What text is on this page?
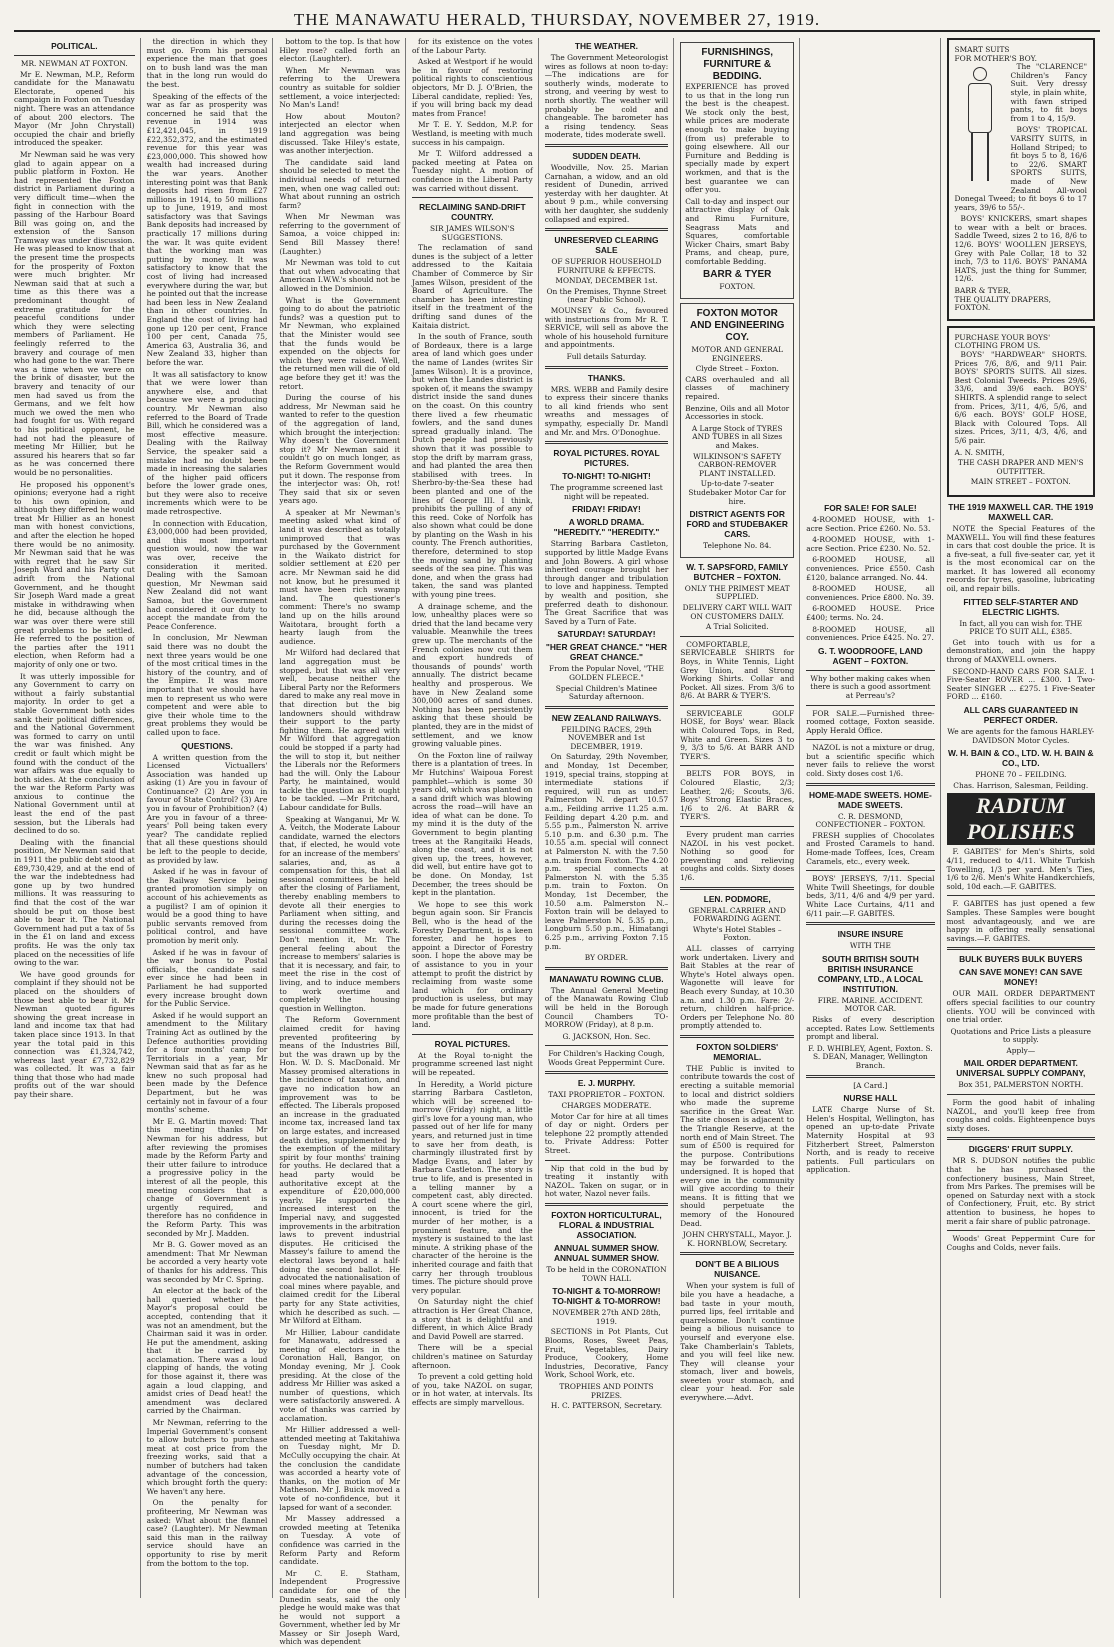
THE MANAWATU HERALD, THURSDAY, NOVEMBER 27, 1919.
POLITICAL.
MR. NEWMAN AT FOXTON.

Mr E. Newman, M.P., Reform candidate for the Manawatu Electorate, opened his campaign in Foxton on Tuesday night. There was an attendance of about 200 electors. The Mayor (Mr John Chrystall) occupied the chair and briefly introduced the speaker.

Mr Newman said he was very glad to again appear on a public platform in Foxton. He had represented the Foxton district in Parliament during a very difficult time—when the fight in connection with the passing of the Harbour Board Bill was going on, and the extension of the Sanson Tramway was under discussion. He was pleased to know that at the present time the prospects for the prosperity of Foxton were much brighter. Mr Newman said that at such a time as this there was a predominant thought of extreme gratitude for the peaceful conditions under which they were selecting members of Parliament. He feelingly referred to the bravery and courage of men who had gone to the war. There was a time when we were on the brink of disaster, but the bravery and tenacity of our men had saved us from the Germans, and we felt how much we owed the men who had fought for us. With regard to his political opponent, he had not had the pleasure of meeting Mr Hillier, but he assured his hearers that so far as he was concerned there would be no personalities.

He proposed his opponent's opinions; everyone had a right to his own opinion, and although they differed he would treat Mr Hillier as an honest man with honest convictions, and after the election he hoped there would be no animosity. Mr Newman said that he was with regret that he saw Sir Joseph Ward and his Party cut adrift from the National Government, and he thought Sir Joseph Ward made a great mistake in withdrawing when he did, because although the war was over there were still great problems to be settled. He referred to the position of the parties after the 1911 election, when Reform had a majority of only one or two.

It was utterly impossible for any Government to carry on without a fairly substantial majority. In order to get a stable Government both sides sank their political differences, and the National Government was formed to carry on until the war was finished. Any credit or fault which might be found with the conduct of the war affairs was due equally to both sides. At the conclusion of the war the Reform Party was anxious to continue the National Government until at least the end of the past session, but the Liberals had declined to do so.

Dealing with the financial position, Mr Newman said that in 1911 the public debt stood at £89,730,429, and at the end of the war the indebtedness had gone up by two hundred millions. It was reassuring to find that the cost of the war should be put on those best able to bear it. The National Government had put a tax of 5s in the £1 on land and excess profits. He was the only tax placed on the necessities of life owing to the war.

We have good grounds for complaint if they should not be placed on the shoulders of those best able to bear it. Mr Newman quoted figures showing the great increase in land and income tax that had taken place since 1913. In that year the total paid in this connection was £1,324,742, whereas last year £7,732,829 was collected. It was a fair thing that those who had made profits out of the war should pay their share.

the direction in which they must go. From his personal experience the man that goes on to bush land was the man that in the long run would do the best.

Speaking of the effects of the war as far as prosperity was concerned he said that the revenue in 1914 was £12,421,045, in 1919 £22,352,372, and the estimated revenue for this year was £23,000,000. This showed how wealth had increased during the war years. Another interesting point was that Bank deposits had risen from £27 millions in 1914, to 50 millions up to June, 1919, and most satisfactory was that Savings Bank deposits had increased by practically 17 millions during the war. It was quite evident that the working man was putting by money. It was satisfactory to know that the cost of living had increased everywhere during the war, but he pointed out that the increase had been less in New Zealand than in other countries. In England the cost of living had gone up 120 per cent, France 100 per cent, Canada 75, America 63, Australia 36, and New Zealand 33, higher than before the war.

It was all satisfactory to know that we were lower than anywhere else, and that because we were a producing country. Mr Newman also referred to the Board of Trade Bill, which he considered was a most effective measure. Dealing with the Railway Service, the speaker said a mistake had no doubt been made in increasing the salaries of the higher paid officers before the lower grade ones, but they were also to receive increments which were to be made retrospective.

In connection with Education, £3,000,000 had been provided, and this most important question would, now the war was over, receive the consideration it merited. Dealing with the Samoan question, Mr Newman said New Zealand did not want Samoa, but the Government had considered it our duty to accept the mandate from the Peace Conference.

In conclusion, Mr Newman said there was no doubt the next three years would be one of the most critical times in the history of the country, and of the Empire. It was more important that we should have men to represent us who were competent and were able to give their whole time to the great problems they would be called upon to face.

QUESTIONS.

A written question from the Licensed Victuallers' Association was handed up asking (1) Are you in favour of Continuance? (2) Are you in favour of State Control? (3) Are you in favour of Prohibition? (4) Are you in favour of a three-years' Poll being taken every year? The candidate replied that all these questions should be left to the people to decide, as provided by law.

Asked if he was in favour of the Railway Service being granted promotion simply on account of his achievements as a pugilist? I am of opinion it would be a good thing to have public servants removed from political control, and have promotion by merit only.

Asked if he was in favour of the war bonus to Postal officials, the candidate said ever since he had been in Parliament he had supported every increase brought down for the Public Service.

Asked if he would support an amendment to the Military Training Act as outlined by the Defence authorities providing for a four months' camp for Territorials in a year, Mr Newman said that as far as he knew no such proposal had been made by the Defence Department, but he was certainly not in favour of a four months' scheme.

Mr E. G. Martin moved: That this meeting thanks Mr Newman for his address, but after reviewing the promises made by the Reform Party and their utter failure to introduce a progressive policy in the interest of all the people, this meeting considers that a change of Government is urgently required, and therefore has no confidence in the Reform Party. This was seconded by Mr J. Madden.

Mr B. G. Gower moved as an amendment: That Mr Newman be accorded a very hearty vote of thanks for his address. This was seconded by Mr C. Spring.

An elector at the back of the hall queried whether the Mayor's proposal could be accepted, contending that it was not an amendment, but the Chairman said it was in order. He put the amendment, asking that it be carried by acclamation. There was a loud clapping of hands, the voting for those against it, there was again a loud clapping, and amidst cries of Dead heat! the amendment was declared carried by the Chairman.

Mr Newman, referring to the Imperial Government's consent to allow butchers to purchase meat at cost price from the freezing works, said that a number of butchers had taken advantage of the concession, which brought forth the query: We haven't any here.

On the penalty for profiteering, Mr Newman was asked: What about the flannel case? (Laughter). Mr Newman said this man in the railway service should have an opportunity to rise by merit from the bottom to the top.

bottom to the top. Is that how Hiley rose? called forth an elector. (Laughter).

When Mr Newman was referring to the Urewera country as suitable for soldier settlement, a voice interjected: No Man's Land!

How about Mouton? interjected an elector when land aggregation was being discussed. Take Hiley's estate, was another interjection.

The candidate said land should be selected to meet the individual needs of returned men, when one wag called out: What about running an ostrich farm?

When Mr Newman was referring to the government of Samoa, a voice chipped in: Send Bill Massey there! (Laughter.)

Mr Newman was told to cut that out when advocating that American I.W.W.'s should not be allowed in the Dominion.

What is the Government going to do about the patriotic funds? was a question put to Mr Newman, who explained that the Minister would see that the funds would be expended on the objects for which they were raised. Well, the returned men will die of old age before they get it! was the retort.

During the course of his address, Mr Newman said he wanted to refer to the question of the aggregation of land, which brought the interjection: Why doesn't the Government stop it? Mr Newman said it couldn't go on much longer, as the Reform Government would put it down. The response from the interjector was: Oh, rot! They said that six or seven years ago.

A speaker at Mr Newman's meeting asked what kind of land it was described as totally unimproved that was purchased by the Government in the Waikato district for soldier settlement at £20 per acre. Mr Newman said he did not know, but he presumed it must have been rich swamp land. The questioner's comment: There's no swamp land up on the hills around Waitotara, brought forth a hearty laugh from the audience.

Mr Wilford had declared that land aggregation must be stopped, but that was all very well, because neither the Liberal Party nor the Reformers dared to make any real move in that direction but the big landowners should withdraw their support to the party fighting them. He agreed with Mr Wilford that aggregation could be stopped if a party had the will to stop it, but neither the Liberals nor the Reformers had the will. Only the Labour Party, he maintained, would tackle the question as it ought to be tackled. —Mr Pritchard, Labour candidate for Bulls.

Speaking at Wanganui, Mr W. A. Veitch, the Moderate Labour candidate, warned the electors that, if elected, he would vote for an increase of the members' salaries, and, as a compensation for this, that all sessional committees be held after the closing of Parliament, thereby enabling members to devote all their energies to Parliament when sitting, and during the recesses doing the sessional committee work. Don't mention it, Mr. The general feeling about the increase to members' salaries is that it is necessary, and fair, to meet the rise in the cost of living, and to induce members to work overtime and completely the housing question in Wellington.

The Reform Government claimed credit for having prevented profiteering by means of the Industries Bill, but the was drawn up by the Hon. W. D. S. MacDonald. Mr Massey promised alterations in the incidence of taxation, and gave no indication how an improvement was to be effected. The Liberals proposed an increase in the graduated income tax, increased land tax on large estates, and increased death duties, supplemented by the exemption of the military spirit by four months' training for youths. He declared that a head party would be authoritative except at the expenditure of £20,000,000 yearly. He supported the increased interest on the Imperial navy, and suggested improvements in the arbitration laws to prevent industrial disputes. He criticised the Massey's failure to amend the electoral laws beyond a half-doing the second ballot. He advocated the nationalisation of coal mines where payable, and claimed credit for the Liberal party for any State activities, which he described as such. —Mr Wilford at Eltham.

Mr Hillier, Labour candidate for Manawatu, addressed a meeting of electors in the Coronation Hall, Bangor, on Monday evening, Mr J. Cook presiding. At the close of the address Mr Hillier was asked a number of questions, which were satisfactorily answered. A vote of thanks was carried by acclamation.

Mr Hillier addressed a well-attended meeting at Takitahiwa on Tuesday night, Mr D. McCully occupying the chair. At the conclusion the candidate was accorded a hearty vote of thanks, on the motion of Mr Matheson. Mr J. Buick moved a vote of no-confidence, but it lapsed for want of a seconder.

Mr Massey addressed a crowded meeting at Tetenika on Tuesday. A vote of confidence was carried in the Reform Party and Reform candidate.

Mr C. E. Statham, Independent Progressive candidate for one of the Dunedin seats, said the only pledge he would make was that he would not support a Government, whether led by Mr Massey or Sir Joseph Ward, which was dependent

for its existence on the votes of the Labour Party.

Asked at Westport if he would be in favour of restoring political rights to conscientious objectors, Mr D. J. O'Brien, the Liberal candidate, replied: Yes, if you will bring back my dead mates from France!

Mr T. E. Y. Seddon, M.P. for Westland, is meeting with much success in his campaign.

Mr T. Wilford addressed a packed meeting at Patea on Tuesday night. A motion of confidence in the Liberal Party was carried without dissent.

RECLAIMING SAND-DRIFT COUNTRY.
SIR JAMES WILSON'S SUGGESTIONS.

The reclamation of sand dunes is the subject of a letter addressed to the Kaitaia Chamber of Commerce by Sir James Wilson, president of the Board of Agriculture. The chamber has been interesting itself in the treatment of the drifting sand dunes of the Kaitaia district.

In the south of France, south of Bordeaux, there is a large area of land which goes under the name of Landes (writes Sir James Wilson). It is a province, but when the Landes district is spoken of, it means the swampy district inside the sand dunes on the coast. On this country there lived a few rheumatic fowlers, and the sand dunes spread gradually inland. The Dutch people had previously shown that it was possible to stop the drift by marram grass, and had planted the area then stabilised with trees. In Sherbro-by-the-Sea these had been planted and one of the lines of George III. I think, prohibits the pulling of any of this reed. Coke of Norfolk has also shown what could be done by planting on the Wash in his county. The French authorities, therefore, determined to stop the moving sand by planting seeds of the sea pine. This was done, and when the grass had taken, the sand was planted with young pine trees.

A drainage scheme, and the low, unhealthy places were so dried that the land became very valuable. Meanwhile the trees grew up. The merchants of the French colonies now cut them and export hundreds of thousands of pounds' worth annually. The district became healthy and prosperous. We have in New Zealand some 300,000 acres of sand dunes. Nothing has been persistently asking that these should be planted, they are in the midst of settlement, and we know growing valuable pines.

On the Foxton line of railway there is a plantation of trees. In Mr Hutchins' Waipoua Forest pamphlet—which is some 30 years old, which was planted on a sand drift which was blowing across the road—will have an idea of what can be done. To my mind it is the duty of the Government to begin planting trees at the Rangitaiki Heads, along the coast, and it is not given up, the trees, however, did well, but entire have got to be done. On Monday, 1st December, the trees should be kept in the plantation.

We hope to see this work begun again soon. Sir Francis Bell, who is the head of the Forestry Department, is a keen forester, and he hopes to appoint a Director of Forestry soon. I hope the above may be of assistance to you in your attempt to profit the district by reclaiming from waste some land which for ordinary production is useless, but may be made for future generations more profitable than the best of land.

ROYAL PICTURES.

At the Royal to-night the programme screened last night will be repeated.

In Heredity, a World picture starring Barbara Castleton, which will be screened to-morrow (Friday) night, a little girl's love for a young man, who passed out of her life for many years, and returned just in time to save her from death, is charmingly illustrated first by Madge Evans, and later by Barbara Castleton. The story is true to life, and is presented in a telling manner by a competent cast, ably directed. A court scene where the girl, innocent, is tried for the murder of her mother, is a prominent feature, and the mystery is sustained to the last minute. A striking phase of the character of the heroine is the inherited courage and faith that carry her through troublous times. The picture should prove very popular.

On Saturday night the chief attraction is Her Great Chance, a story that is delightful and different, in which Alice Brady and David Powell are starred.

There will be a special children's matinee on Saturday afternoon.

To prevent a cold getting hold of you, take NAZOL on sugar, or in hot water, at intervals. Its effects are simply marvellous.

THE WEATHER.

The Government Meteorologist wires as follows at noon to-day:—The indications are for southerly winds, moderate to strong, and veering by west to north shortly. The weather will probably be cold and changeable. The barometer has a rising tendency. Seas moderate, tides moderate swell.

SUDDEN DEATH.

Woodville, Nov. 25. Marian Carnahan, a widow, and an old resident of Dunedin, arrived yesterday with her daughter. At about 9 p.m., while conversing with her daughter, she suddenly collapsed and expired.

UNRESERVED CLEARING SALE
OF SUPERIOR HOUSEHOLD FURNITURE & EFFECTS.
MONDAY, DECEMBER 1st.
On the Premises, Thynne Street (near Public School).

MOUNSEY & Co., favoured with instructions from Mr R. T. SERVICE, will sell as above the whole of his household furniture and appointments.

Full details Saturday.
THANKS.

MRS. WEBB and Family desire to express their sincere thanks to all kind friends who sent wreaths and messages of sympathy, especially Dr. Mandl and Mr. and Mrs. O'Donoghue.

ROYAL PICTURES. ROYAL PICTURES.
TO-NIGHT! TO-NIGHT!
The programme screened last night will be repeated.
FRIDAY! FRIDAY!
A WORLD DRAMA. "HEREDITY." "HEREDITY."

Starring Barbara Castleton, supported by little Madge Evans and John Bowers. A girl whose inherited courage brought her through danger and tribulation to love and happiness. Tempted by wealth and position, she preferred death to dishonour. The Great Sacrifice that was Saved by a Turn of Fate.

SATURDAY! SATURDAY!
"HER GREAT CHANCE." "HER GREAT CHANCE."
From the Popular Novel, "THE GOLDEN FLEECE."
Special Children's Matinee Saturday afternoon.
NEW ZEALAND RAILWAYS.
FEILDING RACES, 29th NOVEMBER and 1st DECEMBER, 1919.

On Saturday, 29th November, and Monday, 1st December, 1919, special trains, stopping at intermediate stations if required, will run as under: Palmerston N. depart 10.57 a.m., Feilding arrive 11.25 a.m. Feilding depart 4.20 p.m. and 5.55 p.m., Palmerston N. arrive 5.10 p.m. and 6.30 p.m. The 10.55 a.m. special will connect at Palmerston N. with the 7.50 a.m. train from Foxton. The 4.20 p.m. special connects at Palmerston N. with the 5.35 p.m. train to Foxton. On Monday, 1st December, the 10.50 a.m. Palmerston N.–Foxton train will be delayed to leave Palmerston N. 5.35 p.m., Longburn 5.50 p.m., Himatangi 6.25 p.m., arriving Foxton 7.15 p.m.

BY ORDER.
MANAWATU ROWING CLUB.

The Annual General Meeting of the Manawatu Rowing Club will be held in the Borough Council Chambers TO-MORROW (Friday), at 8 p.m.

G. JACKSON, Hon. Sec.
For Children's Hacking Cough, Woods Great Peppermint Cure.
E. J. MURPHY.
TAXI PROPRIETOR – FOXTON.
CHARGES MODERATE.

Motor Car for hire at all times of day or night. Orders per telephone 22 promptly attended to. Private Address: Potter Street.

Nip that cold in the bud by treating it instantly with NAZOL. Taken on sugar, or in hot water, Nazol never fails.

FOXTON HORTICULTURAL, FLORAL & INDUSTRIAL ASSOCIATION.
ANNUAL SUMMER SHOW. ANNUAL SUMMER SHOW.
To be held in the CORONATION TOWN HALL
TO-NIGHT & TO-MORROW! TO-NIGHT & TO-MORROW!
NOVEMBER 27th AND 28th, 1919.

SECTIONS in Pot Plants, Cut Blooms, Roses, Sweet Peas, Fruit, Vegetables, Dairy Produce, Cookery, Home Industries, Decorative, Fancy Work, School Work, etc.

TROPHIES AND POINTS PRIZES.
H. C. PATTERSON, Secretary.
FURNISHINGS, FURNITURE & BEDDING.

EXPERIENCE has proved to us that in the long run the best is the cheapest. We stock only the best, while prices are moderate enough to make buying (from us) preferable to going elsewhere. All our Furniture and Bedding is specially made by expert workmen, and that is the best guarantee we can offer you.

Call to-day and inspect our attractive display of Oak and Rimu Furniture, Seagrass Mats and Squares, comfortable Wicker Chairs, smart Baby Prams, and cheap, pure, comfortable Bedding.

BARR & TYER
FOXTON.
FOXTON MOTOR AND ENGINEERING COY.
MOTOR AND GENERAL ENGINEERS.
Clyde Street – Foxton.

CARS overhauled and all classes of machinery repaired.

Benzine, Oils and all Motor Accessories in stock.

A Large Stock of TYRES AND TUBES in all Sizes and Makes.
WILKINSON'S SAFETY CARBON-REMOVER PLANT INSTALLED.
Up-to-date 7-seater Studebaker Motor Car for hire.
DISTRICT AGENTS FOR FORD and STUDEBAKER CARS.
Telephone No. 84.
W. T. SAPSFORD, FAMILY BUTCHER – FOXTON.
ONLY THE PRIMEST MEAT SUPPLIED.
DELIVERY CART WILL WAIT ON CUSTOMERS DAILY.
A Trial Solicited.

COMFORTABLE, SERVICEABLE SHIRTS for Boys, in White Tennis, Light Grey Union, and Strong Working Shirts. Collar and Pocket. All sizes. From 3/6 to 8/6. At BARR & TYER'S.

SERVICEABLE GOLF HOSE, for Boys' wear. Black with Coloured Tops, in Red, White and Green. Sizes 3 to 9, 3/3 to 5/6. At BARR AND TYER'S.

BELTS FOR BOYS, in Coloured Elastic, 2/3; Leather, 2/6; Scouts, 3/6. Boys' Strong Elastic Braces, 1/6 to 2/6. At BARR & TYER'S.

Every prudent man carries NAZOL in his vest pocket. Nothing so good for preventing and relieving coughs and colds. Sixty doses 1/6.

LEN. PODMORE,
GENERAL CARRIER AND FORWARDING AGENT.
Whyte's Hotel Stables – Foxton.

ALL classes of carrying work undertaken. Livery and Bait Stables at the rear of Whyte's Hotel always open. Wagonette will leave for Beach every Sunday, at 10.30 a.m. and 1.30 p.m. Fare: 2/- return, children half-price. Orders per Telephone No. 80 promptly attended to.

FOXTON SOLDIERS' MEMORIAL.

THE Public is invited to contribute towards the cost of erecting a suitable memorial to local and district soldiers who made the supreme sacrifice in the Great War. The site chosen is adjacent to the Triangle Reserve, at the north end of Main Street. The sum of £500 is required for the purpose. Contributions may be forwarded to the undersigned. It is hoped that every one in the community will give according to their means. It is fitting that we should perpetuate the memory of the Honoured Dead.

JOHN CHRYSTALL, Mayor. J. K. HORNBLOW, Secretary.
DON'T BE A BILIOUS NUISANCE.

When your system is full of bile you have a headache, a bad taste in your mouth, purred lips, feel irritable and quarrelsome. Don't continue being a bilious nuisance to yourself and everyone else. Take Chamberlain's Tablets, and you will feel like new. They will cleanse your stomach, liver and bowels, sweeten your stomach, and clear your head. For sale everywhere.—Advt.

FOR SALE! FOR SALE!

4-ROOMED HOUSE, with 1-acre Section. Price £260. No. 53.

4-ROOMED HOUSE, with 1-acre Section. Price £230. No. 52.

6-ROOMED HOUSE, all conveniences. Price £550. Cash £120, balance arranged. No. 44.

8-ROOMED HOUSE, all conveniences. Price £800. No. 39.

6-ROOMED HOUSE. Price £400; terms. No. 24.

8-ROOMED HOUSE, all conveniences. Price £425. No. 27.

G. T. WOODROOFE, LAND AGENT – FOXTON.
Why bother making cakes when there is such a good assortment at Perreau's?

FOR SALE.—Furnished three-roomed cottage, Foxton seaside. Apply Herald Office.

NAZOL is not a mixture or drug, but a scientific specific which never fails to relieve the worst cold. Sixty doses cost 1/6.

HOME-MADE SWEETS. HOME-MADE SWEETS.
C. R. DESMOND, CONFECTIONER – FOXTON.

FRESH supplies of Chocolates and Frosted Caramels to hand. Home-made Toffees, Ices, Cream Caramels, etc., every week.

BOYS' JERSEYS, 7/11. Special White Twill Sheetings, for double beds, 3/11, 4/6 and 4/9 per yard. White Lace Curtains, 4/11 and 6/11 pair.—F. GABITES.

INSURE INSURE
WITH THE
SOUTH BRITISH SOUTH BRITISH INSURANCE COMPANY, LTD., A LOCAL INSTITUTION.
FIRE. MARINE. ACCIDENT. MOTOR CAR.

Risks of every description accepted. Rates Low. Settlements prompt and liberal.

F. D. WHIBLEY, Agent, Foxton. S. S. DEAN, Manager, Wellington Branch.
[A Card.]
NURSE HALL

LATE Charge Nurse of St. Helen's Hospital, Wellington, has opened an up-to-date Private Maternity Hospital at 93 Fitzherbert Street, Palmerston North, and is ready to receive patients. Full particulars on application.

SMART SUITS
FOR MOTHER'S BOY.

The "CLARENCE" Children's Fancy Suit. Very dressy style, in plain white, with fawn striped pants, to fit boys from 1 to 4, 15/9.

BOYS' TROPICAL VARSITY SUITS, in Holland Striped; to fit boys 5 to 8, 16/6 to 22/6. SMART SPORTS SUITS, made of New Zealand All-wool Donegal Tweed; to fit boys 6 to 17 years, 39/6 to 55/-.

BOYS' KNICKERS, smart shapes to wear with a belt or braces. Saddle Tweed, sizes 2 to 16, 8/6 to 12/6. BOYS' WOOLLEN JERSEYS, Grey with Pale Collar, 18 to 32 inch, 7/3 to 11/6. BOYS' PANAMA HATS, just the thing for Summer, 12/6.

BARR & TYER,
THE QUALITY DRAPERS,
FOXTON.
PURCHASE YOUR BOYS'
CLOTHING FROM US.

BOYS' "HARDWEAR" SHORTS. Prices 7/6, 8/6, and 9/11 Pair. BOYS' SPORTS SUITS. All sizes. Best Colonial Tweeds. Prices 29/6, 33/6, and 39/6 each. BOYS' SHIRTS. A splendid range to select from. Prices, 3/11, 4/6, 5/6, and 6/6 each. BOYS' GOLF HOSE, Black with Coloured Tops. All sizes. Prices, 3/11, 4/3, 4/6, and 5/6 pair.

A. N. SMITH,
THE CASH DRAPER AND MEN'S OUTFITTER.
MAIN STREET – FOXTON.
THE 1919 MAXWELL CAR. THE 1919 MAXWELL CAR.

NOTE the Special Features of the MAXWELL. You will find these features in cars that cost double the price. It is a five-seat, a full five-seater car, yet it is the most economical car on the market. It has lowered all economy records for tyres, gasoline, lubricating oil, and repair bills.

FITTED SELF-STARTER AND ELECTRIC LIGHTS.
In fact, all you can wish for. THE PRICE TO SUIT ALL, £385.

Get into touch with us for a demonstration, and join the happy throng of MAXWELL owners.

SECOND-HAND CARS FOR SALE. 1 Five-Seater ROVER ... £300. 1 Two-Seater SINGER ... £275. 1 Five-Seater FORD ... £160.

ALL CARS GUARANTEED IN PERFECT ORDER.
We are agents for the famous HARLEY-DAVIDSON Motor Cycles.
W. H. BAIN & CO., LTD. W. H. BAIN & CO., LTD.
PHONE 70 – FEILDING.
Chas. Harrison, Salesman, Feilding.
RADIUM POLISHES

F. GABITES' for Men's Shirts, sold 4/11, reduced to 4/11. White Turkish Towelling, 1/3 per yard. Men's Ties, 1/6 to 2/6. Men's White Handkerchiefs, sold, 10d each.—F. GABITES.

F. GABITES has just opened a few Samples. These Samples were bought most advantageously, and we are happy in offering really sensational savings.—F. GABITES.

BULK BUYERS BULK BUYERS
CAN SAVE MONEY! CAN SAVE MONEY!

OUR MAIL ORDER DEPARTMENT offers special facilities to our country clients. YOU will be convinced with one trial order.

Quotations and Price Lists a pleasure to supply.
Apply—
MAIL ORDER DEPARTMENT. UNIVERSAL SUPPLY COMPANY,
Box 351, PALMERSTON NORTH.

Form the good habit of inhaling NAZOL, and you'll keep free from coughs and colds. Eighteenpence buys sixty doses.

DIGGERS' FRUIT SUPPLY.

MR S. DUDSON notifies the public that he has purchased the confectionery business, Main Street, from Mrs Parkes. The premises will be opened on Saturday next with a stock of Confectionery, Fruit, etc. By strict attention to business, he hopes to merit a fair share of public patronage.

Woods' Great Peppermint Cure for Coughs and Colds, never fails.
